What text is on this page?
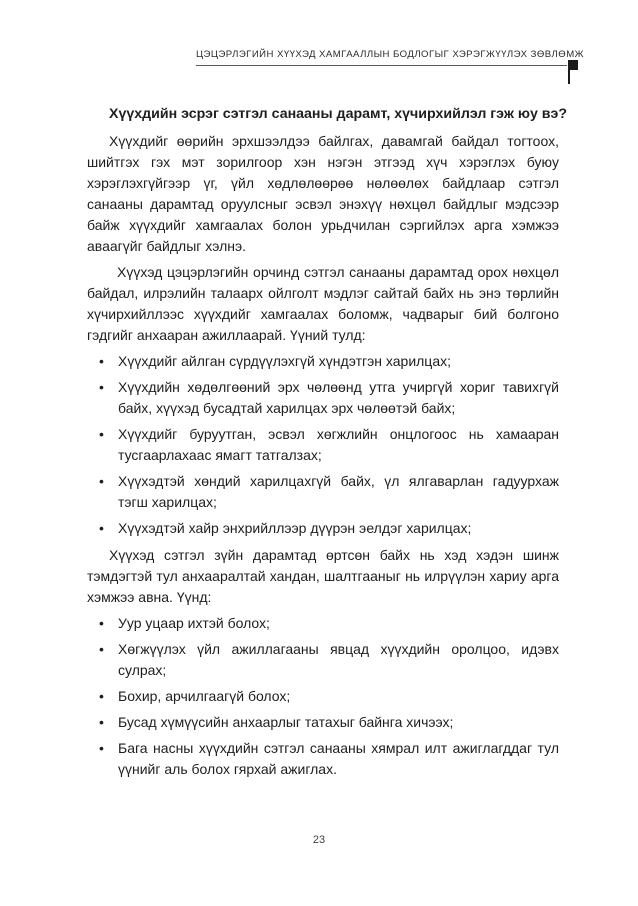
ЦЭЦЭРЛЭГИЙН ХҮҮХЭД ХАМГААЛЛЫН БОДЛОГЫГ ХЭРЭГЖҮҮЛЭХ ЗӨВЛӨМЖ
Хүүхдийн эсрэг сэтгэл санааны дарамт, хүчирхийлэл гэж юу вэ?

Хүүхдийг өөрийн эрхшээлдээ байлгах, давамгай байдал тогтоох, шийтгэх гэх мэт зорилгоор хэн нэгэн этгээд хүч хэрэглэх буюу хэрэглэхгүйгээр үг, үйл хөдлөлөөрөө нөлөөлөх байдлаар сэтгэл санааны дарамтад оруулсныг эсвэл энэхүү нөхцөл байдлыг мэдсээр байж хүүхдийг хамгаалах болон урьдчилан сэргийлэх арга хэмжээ аваагүйг байдлыг хэлнэ.

Хүүхэд цэцэрлэгийн орчинд сэтгэл санааны дарамтад орох нөхцөл байдал, илрэлийн талаарх ойлголт мэдлэг сайтай байх нь энэ төрлийн хүчирхийллээс хүүхдийг хамгаалах боломж, чадварыг бий болгоно гэдгийг анхааран ажиллаарай. Үүний тулд:

• Хүүхдийг айлган сүрдүүлэхгүй хүндэтгэн харилцах;
• Хүүхдийн хөдөлгөөний эрх чөлөөнд утга учиргүй хориг тавихгүй байх, хүүхэд бусадтай харилцах эрх чөлөөтэй байх;
• Хүүхдийг буруутган, эсвэл хөгжлийн онцлогоос нь хамааран тусгаарлахаас ямагт татгалзах;
• Хүүхэдтэй хөндий харилцахгүй байх, үл ялгаварлан гадуурхаж тэгш харилцах;
• Хүүхэдтэй хайр энхрийллээр дүүрэн эелдэг харилцах;

Хүүхэд сэтгэл зүйн дарамтад өртсөн байх нь хэд хэдэн шинж тэмдэгтэй тул анхааралтай хандан, шалтгааныг нь илрүүлэн хариу арга хэмжээ авна. Үүнд:

• Уур уцаар ихтэй болох;
• Хөгжүүлэх үйл ажиллагааны явцад хүүхдийн оролцоо, идэвх сулрах;
• Бохир, арчилгаагүй болох;
• Бусад хүмүүсийн анхаарлыг татахыг байнга хичээх;
• Бага насны хүүхдийн сэтгэл санааны хямрал илт ажиглагддаг тул үүнийг аль болох гярхай ажиглах.
23
